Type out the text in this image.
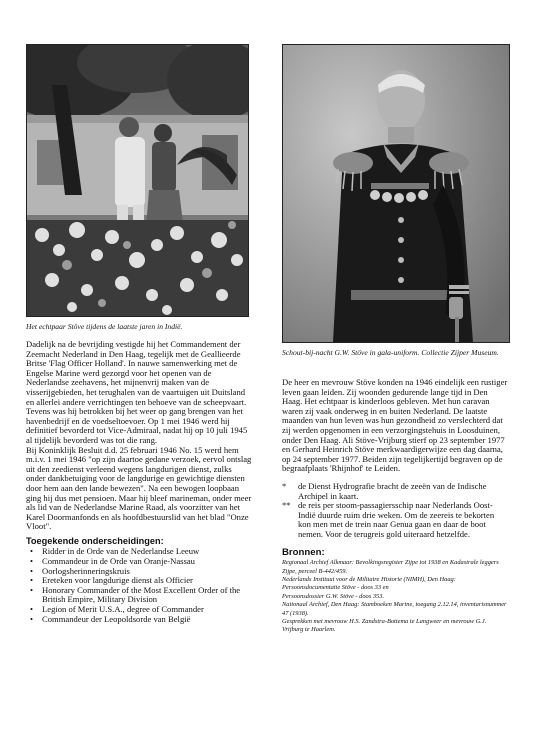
Het echtpaar Stöve tijdens de laatste jaren in Indië.
Schout-bij-nacht G.W. Stöve in gala-uniform. Collectie Zijper Museum.

Dadelijk na de bevrijding vestigde hij het Commandement der Zeemacht Nederland in Den Haag, tegelijk met de Geallieerde Britse 'Flag Officer Holland'. In nauwe samenwerking met de Engelse Marine werd gezorgd voor het openen van de Nederlandse zeehavens, het mijnenvrij maken van de visserijgebieden, het terughalen van de vaartuigen uit Duitsland en allerlei andere verrichtingen ten behoeve van de scheepvaart. Tevens was hij betrokken bij het weer op gang brengen van het havenbedrijf en de voedseltoevoer. Op 1 mei 1946 werd hij definitief bevorderd tot Vice-Admiraal, nadat hij op 10 juli 1945 al tijdelijk bevorderd was tot die rang.

Bij Koninklijk Besluit d.d. 25 februari 1946 No. 15 werd hem m.i.v. 1 mei 1946 "op zijn daartoe gedane verzoek, eervol ontslag uit den zeedienst verleend wegens langdurigen dienst, zulks onder dankbetuiging voor de langdurige en gewichtige diensten door hem aan den lande bewezen". Na een bewogen loopbaan ging hij dus met pensioen. Maar hij bleef marineman, onder meer als lid van de Nederlandse Marine Raad, als voorzitter van het Karel Doormanfonds en als hoofdbestuurslid van het blad "Onze Vloot".

Toegekende onderscheidingen:
• Ridder in de Orde van de Nederlandse Leeuw
• Commandeur in de Orde van Oranje-Nassau
• Oorlogsherinneringskruis
• Ereteken voor langdurige dienst als Officier
• Honorary Commander of the Most Excellent Order of the British Empire, Military Division
• Legion of Merit U.S.A., degree of Commander
• Commandeur der Leopoldsorde van België

De heer en mevrouw Stöve konden na 1946 eindelijk een rustiger leven gaan leiden. Zij woonden gedurende lange tijd in Den Haag. Het echtpaar is kinderloos gebleven. Met hun caravan waren zij vaak onderweg in en buiten Nederland. De laatste maanden van hun leven was hun gezondheid zo verslechterd dat zij werden opgenomen in een verzorgingstehuis in Loosduinen, onder Den Haag. Ali Stöve-Vrijburg stierf op 23 september 1977 en Gerhard Heinrich Stöve merkwaardigerwijze een dag daarna, op 24 september 1977. Beiden zijn tegelijkertijd begraven op de begraafplaats 'Rhijnhof' te Leiden.

* de Dienst Hydrografie bracht de zeeën van de Indische Archipel in kaart.
** de reis per stoom-passagiersschip naar Nederlands Oost-Indië duurde ruim drie weken. Om de zeereis te bekorten kon men met de trein naar Genua gaan en daar de boot nemen. Voor de terugreis gold uiteraard hetzelfde.
Bronnen:
Regionaal Archief Alkmaar: Bevolkingsregister Zijpe tot 1938 en Kadastrale leggers Zijpe, perceel B-442/459.
Nederlands Instituut voor de Militaire Historie (NIMH), Den Haag:
Persoonsdocumentatie Stöve - doos 33 en
Persoonsdossier G.W. Stöve - doos 353.
Nationaal Archief, Den Haag: Stamboeken Marine, toegang 2.12.14, inventarisnummer 47 (1938).
Gesprekken met mevrouw H.S. Zandstra-Bottema te Langweer en mevrouw G.J. Vrijburg te Haarlem.
